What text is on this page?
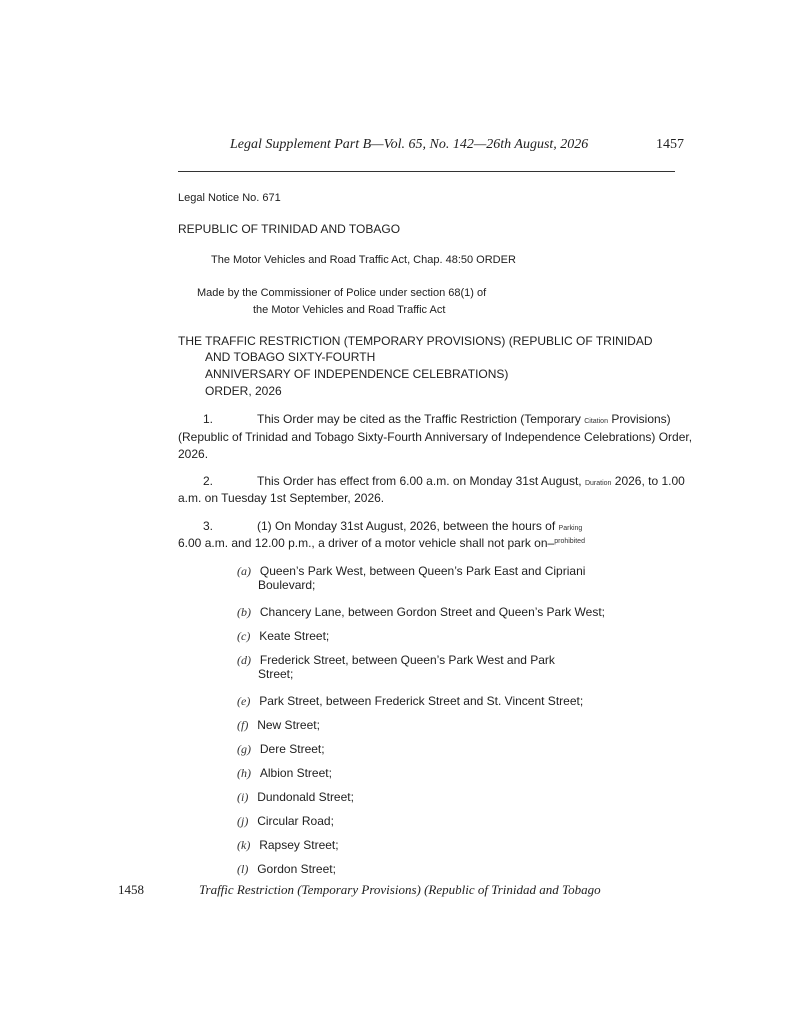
Legal Supplement Part B—Vol. 65, No. 142—26th August, 2026	1457
Legal Notice No. 671
REPUBLIC OF TRINIDAD AND TOBAGO
The Motor Vehicles and Road Traffic Act, Chap. 48:50 ORDER
Made by the Commissioner of Police under section 68(1) of
the Motor Vehicles and Road Traffic Act
THE TRAFFIC RESTRICTION (TEMPORARY PROVISIONS) (REPUBLIC OF TRINIDAD
AND TOBAGO SIXTY-FOURTH
ANNIVERSARY OF INDEPENDENCE CELEBRATIONS)
ORDER, 2026
1.	This Order may be cited as the Traffic Restriction (Temporary Citation Provisions)
(Republic of Trinidad and Tobago Sixty-Fourth Anniversary of Independence Celebrations) Order,
2026.
2.	This Order has effect from 6.00 a.m. on Monday 31st August, Duration 2026, to 1.00
a.m. on Tuesday 1st September, 2026.
3.	(1) On Monday 31st August, 2026, between the hours of Parking
6.00 a.m. and 12.00 p.m., a driver of a motor vehicle shall not park on–$^{prohibited}$
(a) Queen’s Park West, between Queen’s Park East and Cipriani
Boulevard;
(b) Chancery Lane, between Gordon Street and Queen’s Park West;
(c) Keate Street;
(d) Frederick Street, between Queen’s Park West and Park
Street;
(e) Park Street, between Frederick Street and St. Vincent Street;
(f) New Street;
(g) Dere Street;
(h) Albion Street;
(i) Dundonald Street;
(j) Circular Road;
(k) Rapsey Street;
(l) Gordon Street;
1458	Traffic Restriction (Temporary Provisions) (Republic of Trinidad and Tobago
